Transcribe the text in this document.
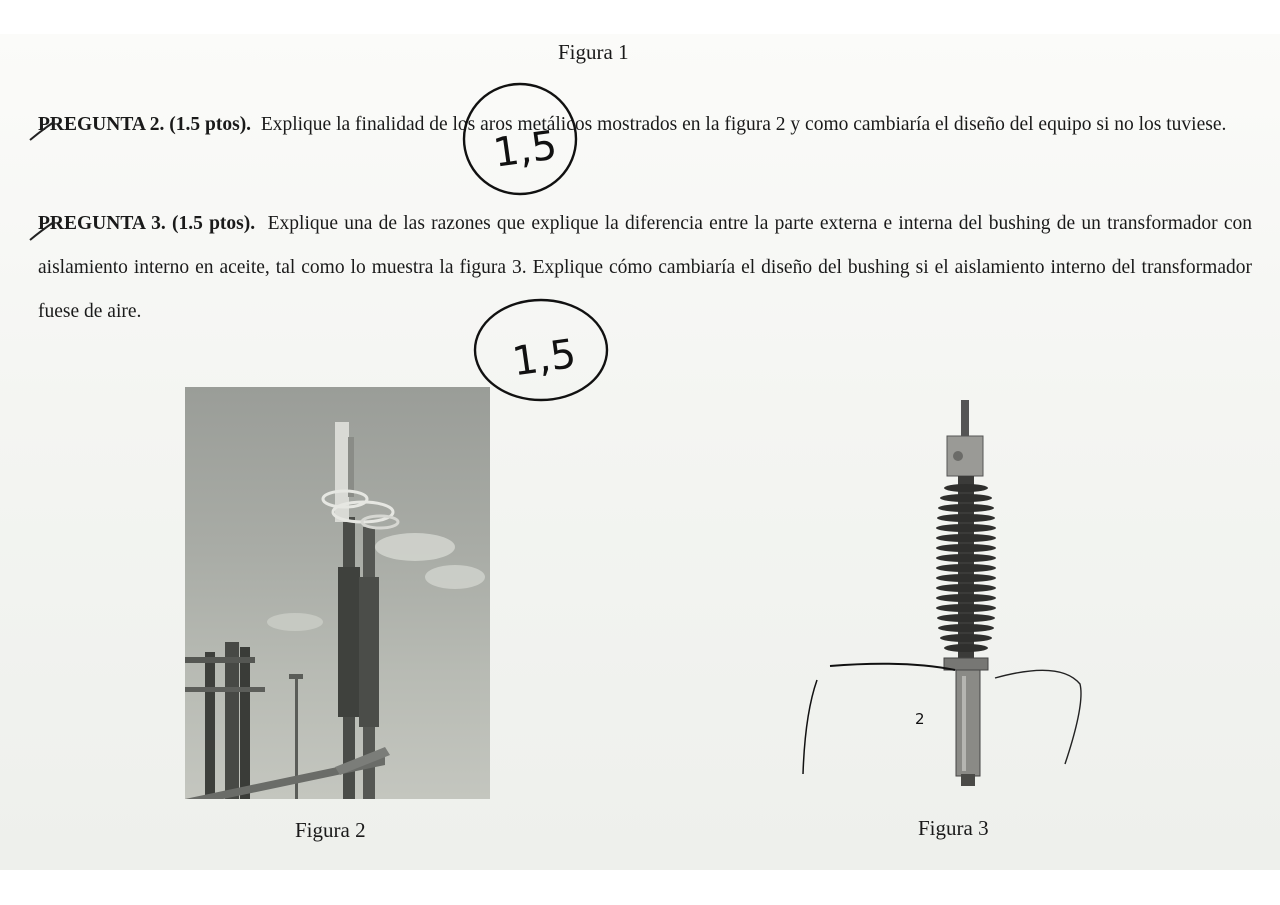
Figura 1
PREGUNTA 2. (1.5 ptos). Explique la finalidad de los aros metálicos mostrados en la figura 2 y como cambiaría el diseño del equipo si no los tuviese.
PREGUNTA 3. (1.5 ptos). Explique una de las razones que explique la diferencia entre la parte externa e interna del bushing de un transformador con aislamiento interno en aceite, tal como lo muestra la figura 3. Explique cómo cambiaría el diseño del bushing si el aislamiento interno del transformador fuese de aire.
1,5
1,5
2
Figura 2	Figura 3
